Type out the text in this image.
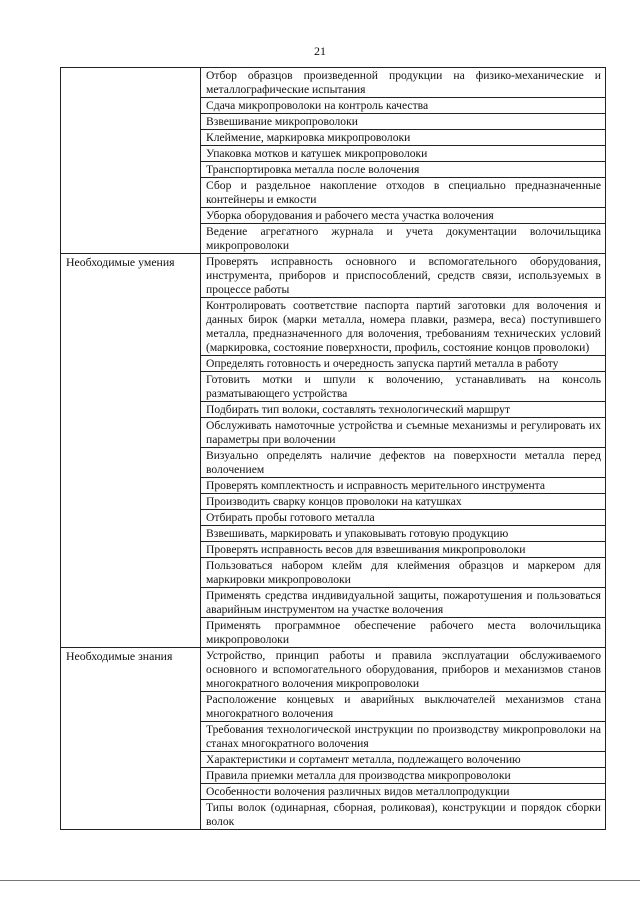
21

	Отбор образцов произведенной продукции на физико-механические и металлографические испытания

	Сдача микропроволоки на контроль качества

	Взвешивание микропроволоки

	Клеймение, маркировка микропроволоки

	Упаковка мотков и катушек микропроволоки

	Транспортировка металла после волочения

	Сбор и раздельное накопление отходов в специально предназначенные контейнеры и емкости

	Уборка оборудования и рабочего места участка волочения

	Ведение агрегатного журнала и учета документации волочильщика микропроволоки

Необходимые умения	Проверять исправность основного и вспомогательного оборудования, инструмента, приборов и приспособлений, средств связи, используемых в процессе работы

	Контролировать соответствие паспорта партий заготовки для волочения и данных бирок (марки металла, номера плавки, размера, веса) поступившего металла, предназначенного для волочения, требованиям технических условий (маркировка, состояние поверхности, профиль, состояние концов проволоки)

	Определять готовность и очередность запуска партий металла в работу

	Готовить мотки и шпули к волочению, устанавливать на консоль разматывающего устройства

	Подбирать тип волоки, составлять технологический маршрут

	Обслуживать намоточные устройства и съемные механизмы и регулировать их параметры при волочении

	Визуально определять наличие дефектов на поверхности металла перед волочением

	Проверять комплектность и исправность мерительного инструмента

	Производить сварку концов проволоки на катушках

	Отбирать пробы готового металла

	Взвешивать, маркировать и упаковывать готовую продукцию

	Проверять исправность весов для взвешивания микропроволоки

	Пользоваться набором клейм для клеймения образцов и маркером для маркировки микропроволоки

	Применять средства индивидуальной защиты, пожаротушения и пользоваться аварийным инструментом на участке волочения

	Применять программное обеспечение рабочего места волочильщика микропроволоки

Необходимые знания	Устройство, принцип работы и правила эксплуатации обслуживаемого основного и вспомогательного оборудования, приборов и механизмов станов многократного волочения микропроволоки

	Расположение концевых и аварийных выключателей механизмов стана многократного волочения

	Требования технологической инструкции по производству микропроволоки на станах многократного волочения

	Характеристики и сортамент металла, подлежащего волочению

	Правила приемки металла для производства микропроволоки

	Особенности волочения различных видов металлопродукции

	Типы волок (одинарная, сборная, роликовая), конструкции и порядок сборки волок
